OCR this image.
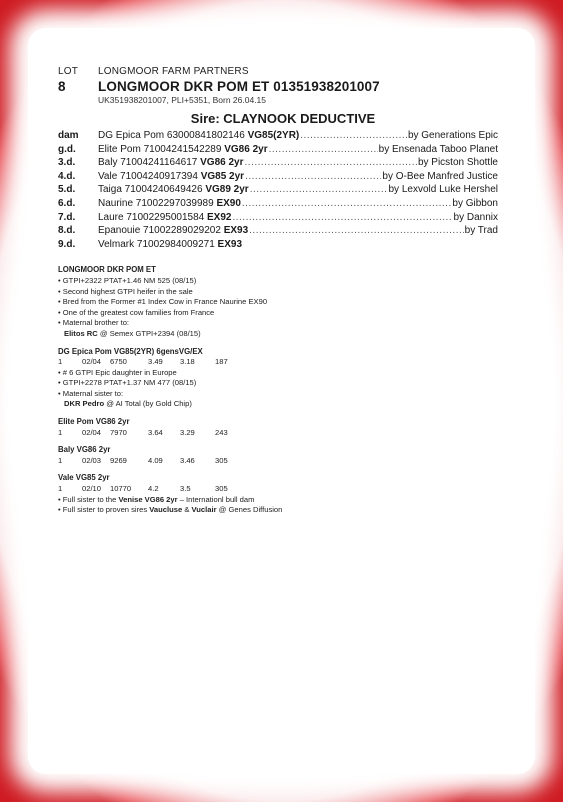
LOT	LONGMOOR FARM PARTNERS
8	LONGMOOR DKR POM ET 01351938201007
UK351938201007, PLI+5351, Born 26.04.15
Sire: CLAYNOOK DEDUCTIVE
dam	DG Epica Pom 63000841802146 VG85(2YR) .....	by Generations Epic
g.d.	Elite Pom 71004241542289 VG86 2yr .....	by Ensenada Taboo Planet
3.d.	Baly 71004241164617 VG86 2yr .....	by Picston Shottle
4.d.	Vale 71004240917394 VG85 2yr .....	by O-Bee Manfred Justice
5.d.	Taiga 71004240649426 VG89 2yr .....	by Lexvold Luke Hershel
6.d.	Naurine 71002297039989 EX90 .....	by Gibbon
7.d.	Laure 71002295001584 EX92 .....	by Dannix
8.d.	Epanouie 71002289029202 EX93 .....	by Trad
9.d.	Velmark 71002984009271 EX93
LONGMOOR DKR POM ET
• GTPI+2322 PTAT+1.46 NM 525 (08/15)
• Second highest GTPI heifer in the sale
• Bred from the Former #1 Index Cow in France Naurine EX90
• One of the greatest cow families from France
• Maternal brother to:
Elitos RC @ Semex GTPI+2394 (08/15)
DG Epica Pom VG85(2YR) 6gensVG/EX
1	02/04	6750	3.49	3.18	187
• # 6 GTPI Epic daughter in Europe
• GTPI+2278 PTAT+1.37 NM 477 (08/15)
• Maternal sister to:
DKR Pedro @ AI Total (by Gold Chip)
Elite Pom VG86 2yr
1	02/04	7970	3.64	3.29	243
Baly VG86 2yr
1	02/03	9269	4.09	3.46	305
Vale VG85 2yr
1	02/10	10770	4.2	3.5	305
• Full sister to the Venise VG86 2yr – Internationl bull dam
• Full sister to proven sires Vaucluse & Vuclair @ Genes Diffusion
